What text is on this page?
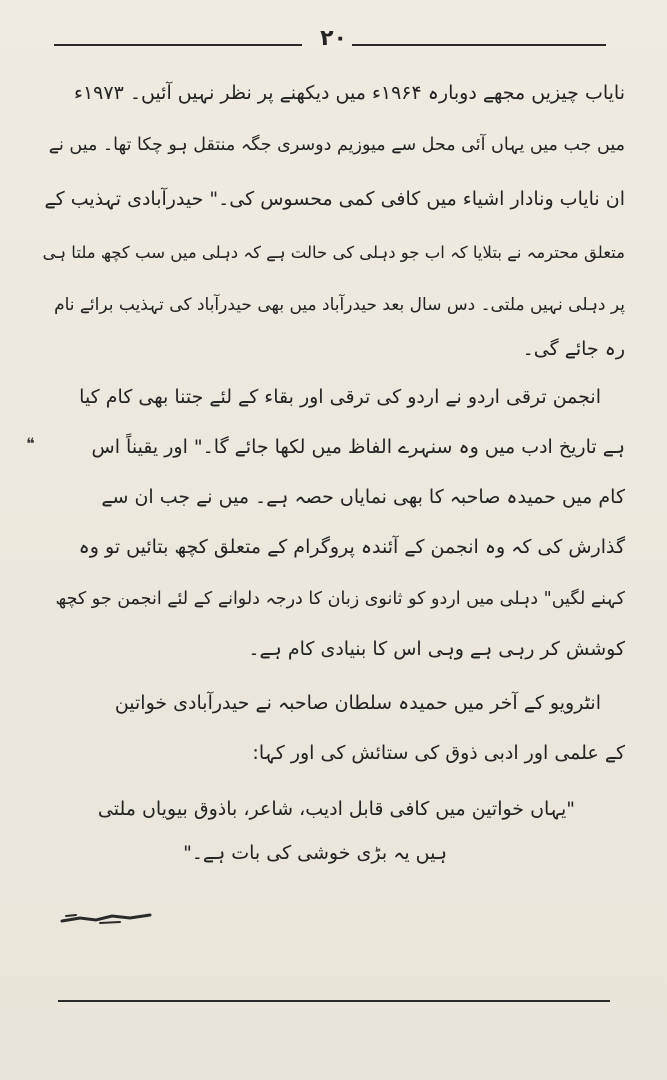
۲۰
❝
نایاب چیزیں مجھے دوبارہ ۱۹۶۴ء میں دیکھنے پر نظر نہیں آئیں۔ ۱۹۷۳ء
میں جب میں یہاں آئی محل سے میوزیم دوسری جگہ منتقل ہو چکا تھا۔ میں نے
ان نایاب ونادار اشیاء میں کافی کمی محسوس کی۔" حیدرآبادی تہذیب کے
متعلق محترمہ نے بتلایا کہ اب جو دہلی کی حالت ہے کہ دہلی میں سب کچھ ملتا ہی
پر دہلی نہیں ملتی۔ دس سال بعد حیدرآباد میں بھی حیدرآباد کی تہذیب برائے نام
رہ جائے گی۔
انجمن ترقی اردو نے اردو کی ترقی اور بقاء کے لئے جتنا بھی کام کیا
ہے تاریخ ادب میں وہ سنہرے الفاظ میں لکھا جائے گا۔" اور یقیناً اس
کام میں حمیدہ صاحبہ کا بھی نمایاں حصہ ہے۔ میں نے جب ان سے
گذارش کی کہ وہ انجمن کے آئندہ پروگرام کے متعلق کچھ بتائیں تو وہ
کہنے لگیں" دہلی میں اردو کو ثانوی زبان کا درجہ دلوانے کے لئے انجمن جو کچھ
کوشش کر رہی ہے وہی اس کا بنیادی کام ہے۔
انٹرویو کے آخر میں حمیدہ سلطان صاحبہ نے حیدرآبادی خواتین
کے علمی اور ادبی ذوق کی ستائش کی اور کہا:
"یہاں خواتین میں کافی قابل ادیب، شاعر، باذوق بیویاں ملتی
ہیں یہ بڑی خوشی کی بات ہے۔"
